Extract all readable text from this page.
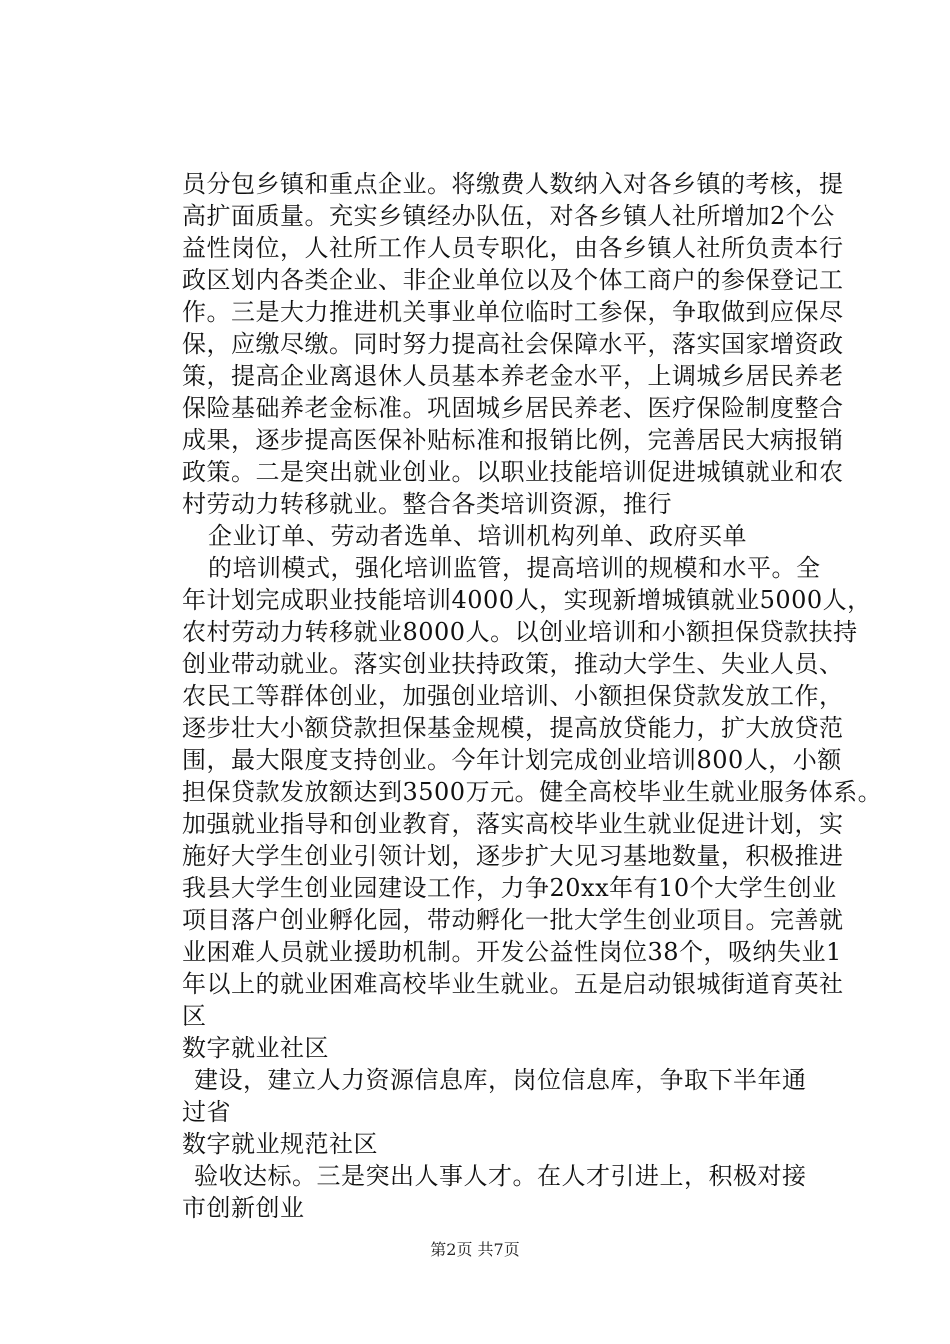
员分包乡镇和重点企业。将缴费人数纳入对各乡镇的考核，提
高扩面质量。充实乡镇经办队伍，对各乡镇人社所增加2个公
益性岗位，人社所工作人员专职化，由各乡镇人社所负责本行
政区划内各类企业、非企业单位以及个体工商户的参保登记工
作。三是大力推进机关事业单位临时工参保，争取做到应保尽
保，应缴尽缴。同时努力提高社会保障水平，落实国家增资政
策，提高企业离退休人员基本养老金水平，上调城乡居民养老
保险基础养老金标准。巩固城乡居民养老、医疗保险制度整合
成果，逐步提高医保补贴标准和报销比例，完善居民大病报销
政策。二是突出就业创业。以职业技能培训促进城镇就业和农
村劳动力转移就业。整合各类培训资源，推行
企业订单、劳动者选单、培训机构列单、政府买单
的培训模式，强化培训监管，提高培训的规模和水平。全
年计划完成职业技能培训4000人，实现新增城镇就业5000人，
农村劳动力转移就业8000人。以创业培训和小额担保贷款扶持
创业带动就业。落实创业扶持政策，推动大学生、失业人员、
农民工等群体创业，加强创业培训、小额担保贷款发放工作，
逐步壮大小额贷款担保基金规模，提高放贷能力，扩大放贷范
围，最大限度支持创业。今年计划完成创业培训800人，小额
担保贷款发放额达到3500万元。健全高校毕业生就业服务体系。
加强就业指导和创业教育，落实高校毕业生就业促进计划，实
施好大学生创业引领计划，逐步扩大见习基地数量，积极推进
我县大学生创业园建设工作，力争20xx年有10个大学生创业
项目落户创业孵化园，带动孵化一批大学生创业项目。完善就
业困难人员就业援助机制。开发公益性岗位38个，吸纳失业1
年以上的就业困难高校毕业生就业。五是启动银城街道育英社
区
数字就业社区
建设，建立人力资源信息库，岗位信息库，争取下半年通
过省
数字就业规范社区
验收达标。三是突出人事人才。在人才引进上，积极对接
市创新创业
第2页 共7页
